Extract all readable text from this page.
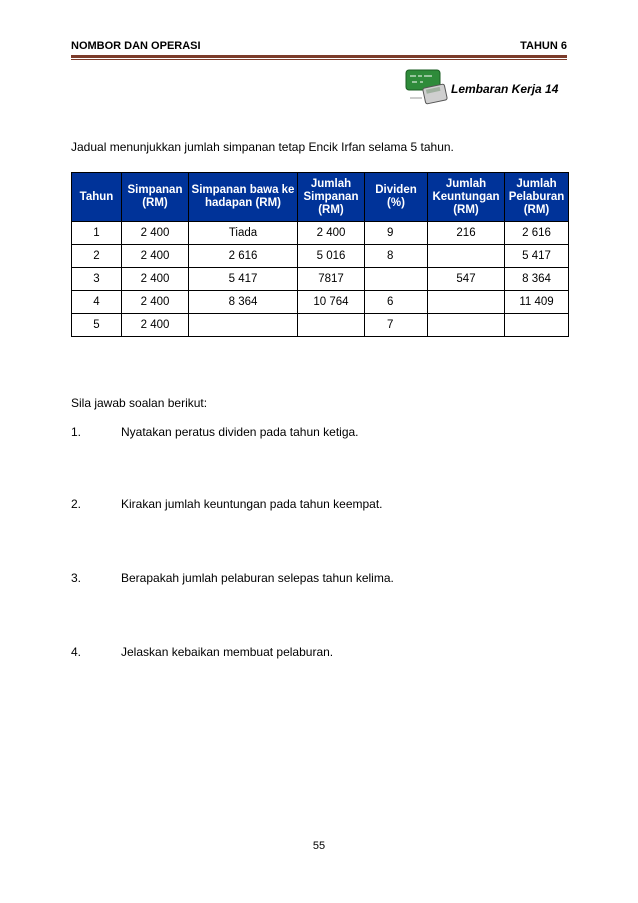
NOMBOR DAN OPERASI	TAHUN 6
Lembaran Kerja 14
Jadual menunjukkan jumlah simpanan tetap Encik Irfan selama 5 tahun.
Tahun	Simpanan (RM)	Simpanan bawa ke hadapan (RM)	Jumlah Simpanan (RM)	Dividen (%)	Jumlah Keuntungan (RM)	Jumlah Pelaburan (RM)
1	2 400	Tiada	2 400	9	216	2 616
2	2 400	2 616	5 016	8		5 417
3	2 400	5 417	7817		547	8 364
4	2 400	8 364	10 764	6		11 409
5	2 400			7		
Sila jawab soalan berikut:
1.	Nyatakan peratus dividen pada tahun ketiga.
2.	Kirakan jumlah keuntungan pada tahun keempat.
3.	Berapakah jumlah pelaburan selepas tahun kelima.
4.	Jelaskan kebaikan membuat pelaburan.
55
